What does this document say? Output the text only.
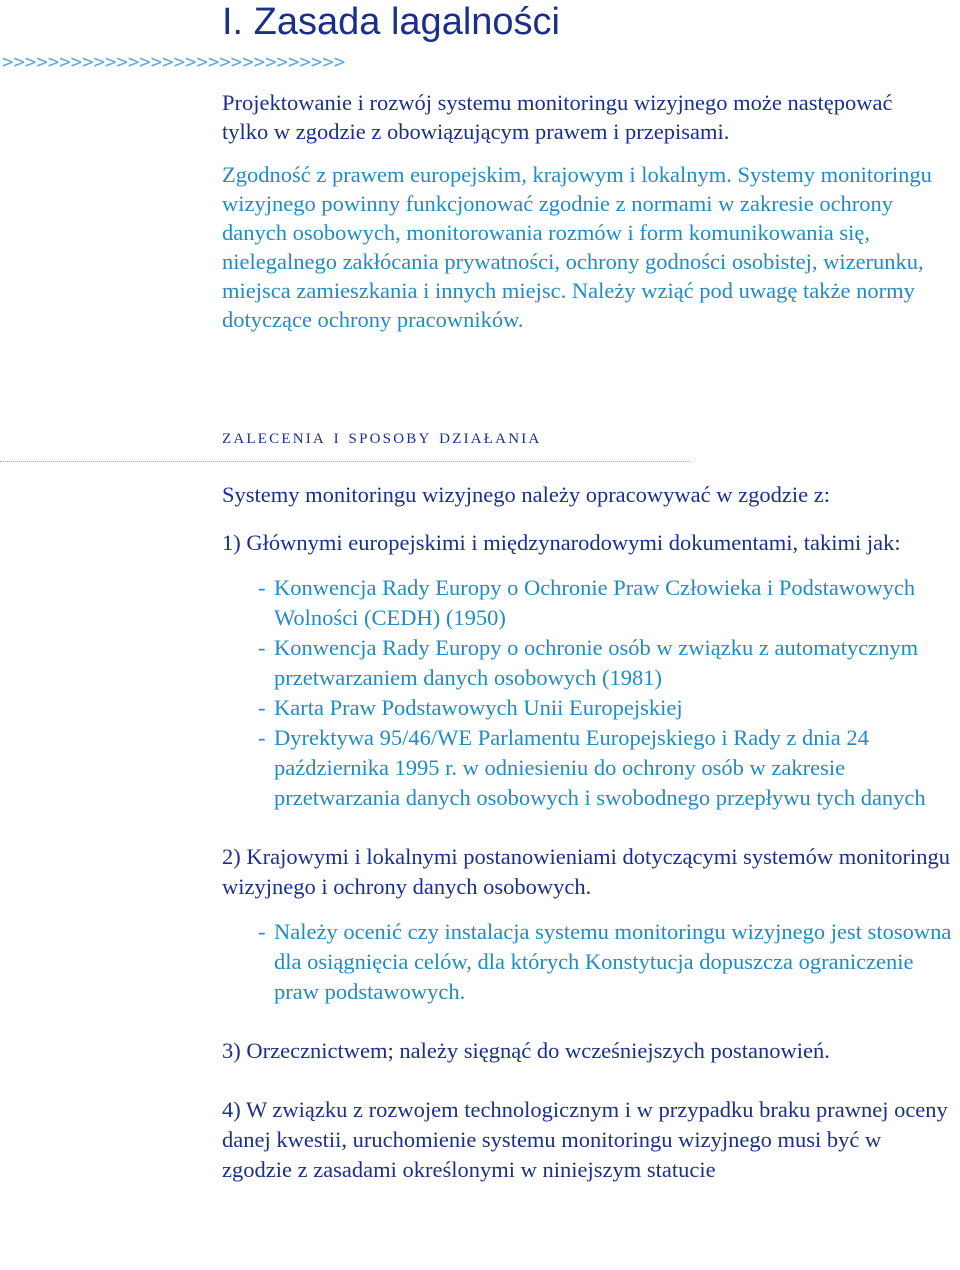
I. Zasada lagalności
>>>>>>>>>>>>>>>>>>>>>>>>>>>>>>

Projektowanie i rozwój systemu monitoringu wizyjnego może następować tylko w zgodzie z obowiązującym prawem i przepisami.

Zgodność z prawem europejskim, krajowym i lokalnym. Systemy monitoringu wizyjnego powinny funkcjonować zgodnie z normami w zakresie ochrony danych osobowych, monitorowania rozmów i form komunikowania się, nielegalnego zakłócania prywatności, ochrony godności osobistej, wizerunku, miejsca zamieszkania i innych miejsc. Należy wziąć pod uwagę także normy dotyczące ochrony pracowników.

zalecenia i sposoby działania

Systemy monitoringu wizyjnego należy opracowywać w zgodzie z:

1) Głównymi europejskimi i międzynarodowymi dokumentami, takimi jak:

- Konwencja Rady Europy o Ochronie Praw Człowieka i Podstawowych Wolności (CEDH) (1950)
- Konwencja Rady Europy o ochronie osób w związku z automatycznym przetwarzaniem danych osobowych (1981)
- Karta Praw Podstawowych Unii Europejskiej
- Dyrektywa 95/46/WE Parlamentu Europejskiego i Rady z dnia 24 października 1995 r. w odniesieniu do ochrony osób w zakresie przetwarzania danych osobowych i swobodnego przepływu tych danych

2) Krajowymi i lokalnymi postanowieniami dotyczącymi systemów monitoringu wizyjnego i ochrony danych osobowych.

- Należy ocenić czy instalacja systemu monitoringu wizyjnego jest stosowna dla osiągnięcia celów, dla których Konstytucja dopuszcza ograniczenie praw podstawowych.

3) Orzecznictwem; należy sięgnąć do wcześniejszych postanowień.

4) W związku z rozwojem technologicznym i w przypadku braku prawnej oceny danej kwestii, uruchomienie systemu monitoringu wizyjnego musi być w zgodzie z zasadami określonymi w niniejszym statucie
